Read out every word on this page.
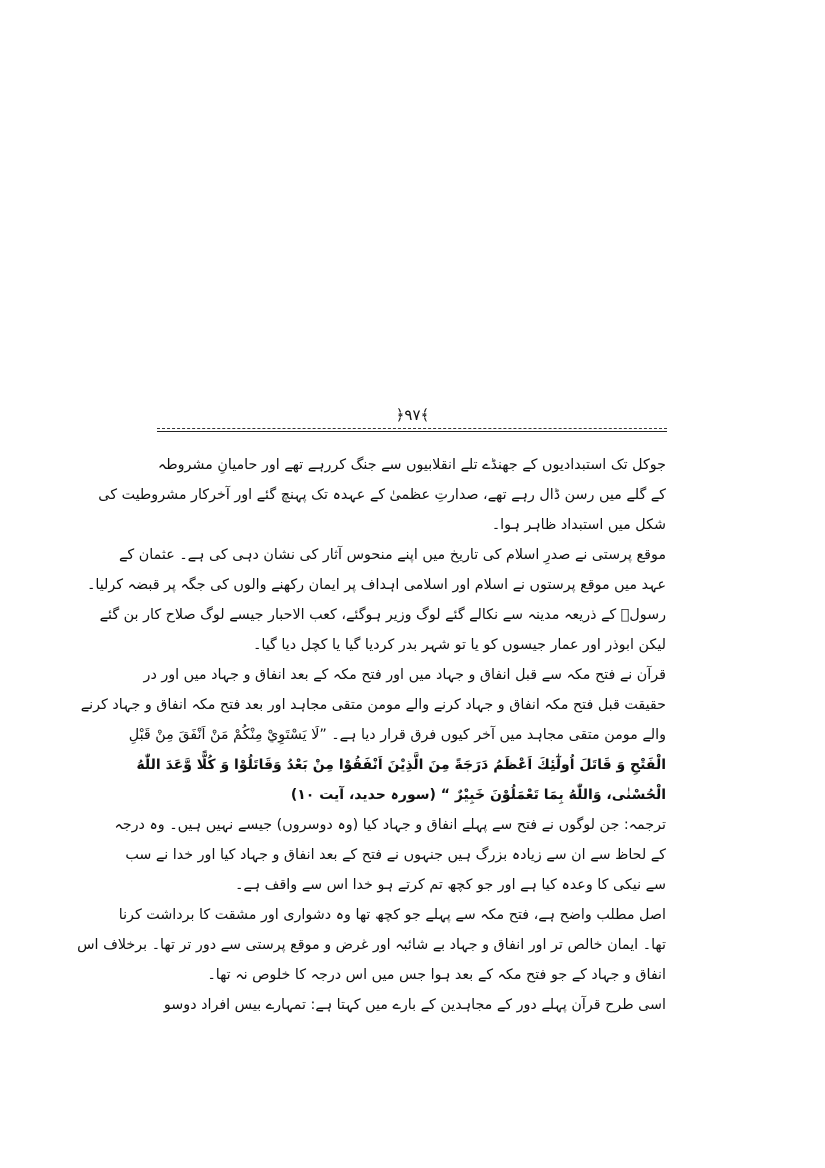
﴿۹۷﴾
جوکل تک استبدادیوں کے جھنڈے تلے انقلابیوں سے جنگ کررہے تھے اور حامیانِ مشروطہ
کے گلے میں رسن ڈال رہے تھے، صدارتِ عظمیٰ کے عہدہ تک پہنچ گئے اور آخرکار مشروطیت کی
شکل میں استبداد ظاہر ہوا۔
موقع پرستی نے صدرِ اسلام کی تاریخ میں اپنے منحوس آثار کی نشان دہی کی ہے۔ عثمان کے
عہد میں موقع پرستوں نے اسلام اور اسلامی اہداف پر ایمان رکھنے والوں کی جگہ پر قبضہ کرلیا۔
رسولؐ کے ذریعہ مدینہ سے نکالے گئے لوگ وزیر ہوگئے، کعب الاحبار جیسے لوگ صلاح کار بن گئے
لیکن ابوذر اور عمار جیسوں کو یا تو شہر بدر کردیا گیا یا کچل دیا گیا۔
قرآن نے فتح مکہ سے قبل انفاق و جہاد میں اور فتح مکہ کے بعد انفاق و جہاد میں اور در
حقیقت قبل فتح مکہ انفاق و جہاد کرنے والے مومن متقی مجاہد اور بعد فتح مکہ انفاق و جہاد کرنے
والے مومن متقی مجاہد میں آخر کیوں فرق قرار دیا ہے۔ ”لَا يَسْتَوِيْ مِنْكُمْ مَنْ اَنْفَقَ مِنْ قَبْلِ
الْفَتْحِ وَ قَاتَلَ اُولٰٓئِكَ اَعْظَمُ دَرَجَةً مِنَ الَّذِيْنَ اَنْفَقُوْا مِنْ بَعْدُ وَقَاتَلُوْا وَ كُلًّا وَّعَدَ اللّٰهُ
الْحُسْنٰى، وَاللّٰهُ بِمَا تَعْمَلُوْنَ خَبِيْرٌ “ (سورہ حدید، آیت ۱۰)
ترجمہ: جن لوگوں نے فتح سے پہلے انفاق و جہاد کیا (وہ دوسروں) جیسے نہیں ہیں۔ وہ درجہ
کے لحاظ سے ان سے زیادہ بزرگ ہیں جنہوں نے فتح کے بعد انفاق و جہاد کیا اور خدا نے سب
سے نیکی کا وعدہ کیا ہے اور جو کچھ تم کرتے ہو خدا اس سے واقف ہے۔
اصل مطلب واضح ہے، فتح مکہ سے پہلے جو کچھ تھا وہ دشواری اور مشقت کا برداشت کرنا
تھا۔ ایمان خالص تر اور انفاق و جہاد بے شائبہ اور غرض و موقع پرستی سے دور تر تھا۔ برخلاف اس
انفاق و جہاد کے جو فتح مکہ کے بعد ہوا جس میں اس درجہ کا خلوص نہ تھا۔
اسی طرح قرآن پہلے دور کے مجاہدین کے بارے میں کہتا ہے: تمہارے بیس افراد دوسو
